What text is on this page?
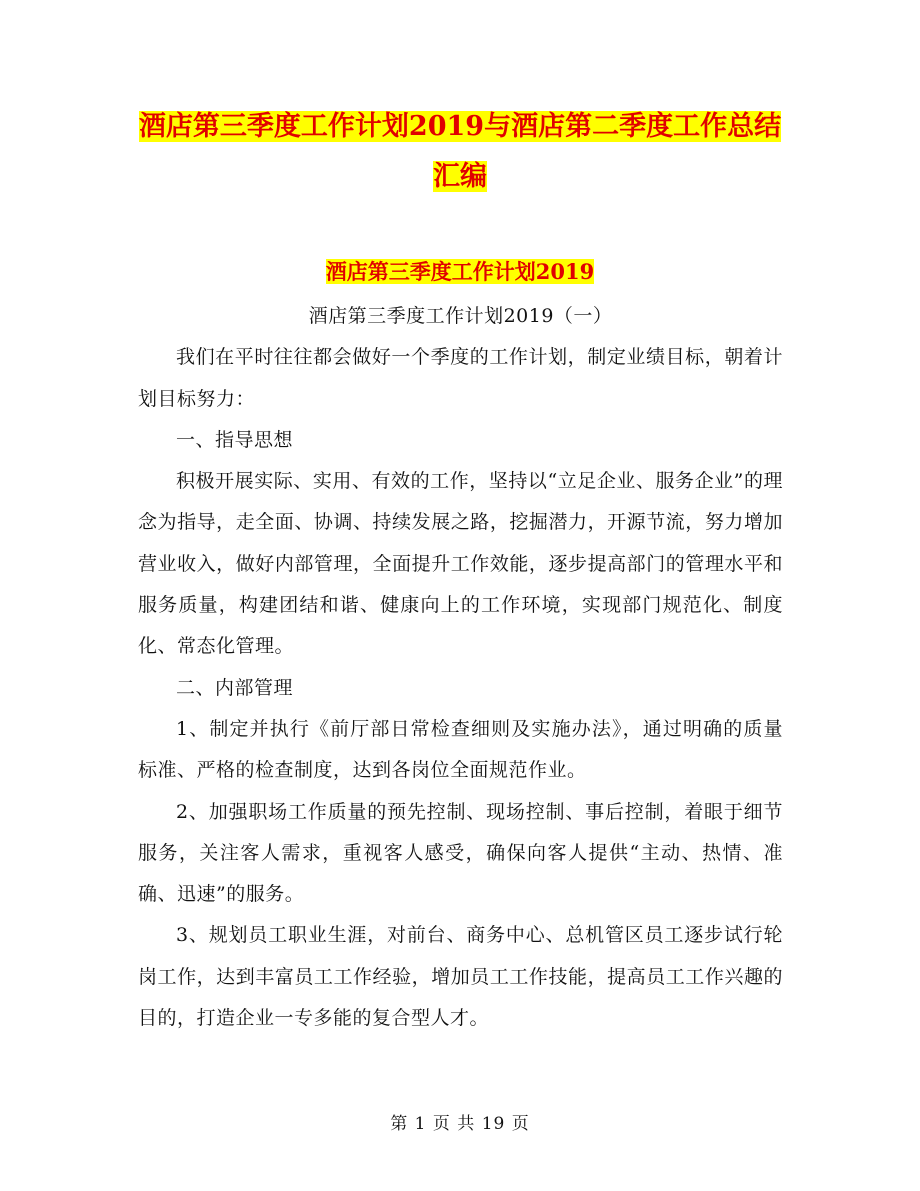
酒店第三季度工作计划2019与酒店第二季度工作总结
汇编
酒店第三季度工作计划2019

酒店第三季度工作计划2019（一）

我们在平时往往都会做好一个季度的工作计划，制定业绩目标，朝着计划目标努力：

一、指导思想

积极开展实际、实用、有效的工作，坚持以“立足企业、服务企业”的理念为指导，走全面、协调、持续发展之路，挖掘潜力，开源节流，努力增加营业收入，做好内部管理，全面提升工作效能，逐步提高部门的管理水平和服务质量，构建团结和谐、健康向上的工作环境，实现部门规范化、制度化、常态化管理。

二、内部管理

1、制定并执行《前厅部日常检查细则及实施办法》，通过明确的质量标准、严格的检查制度，达到各岗位全面规范作业。

2、加强职场工作质量的预先控制、现场控制、事后控制，着眼于细节服务，关注客人需求，重视客人感受，确保向客人提供“主动、热情、准确、迅速”的服务。

3、规划员工职业生涯，对前台、商务中心、总机管区员工逐步试行轮岗工作，达到丰富员工工作经验，增加员工工作技能，提高员工工作兴趣的目的，打造企业一专多能的复合型人才。

第 1 页 共 19 页
